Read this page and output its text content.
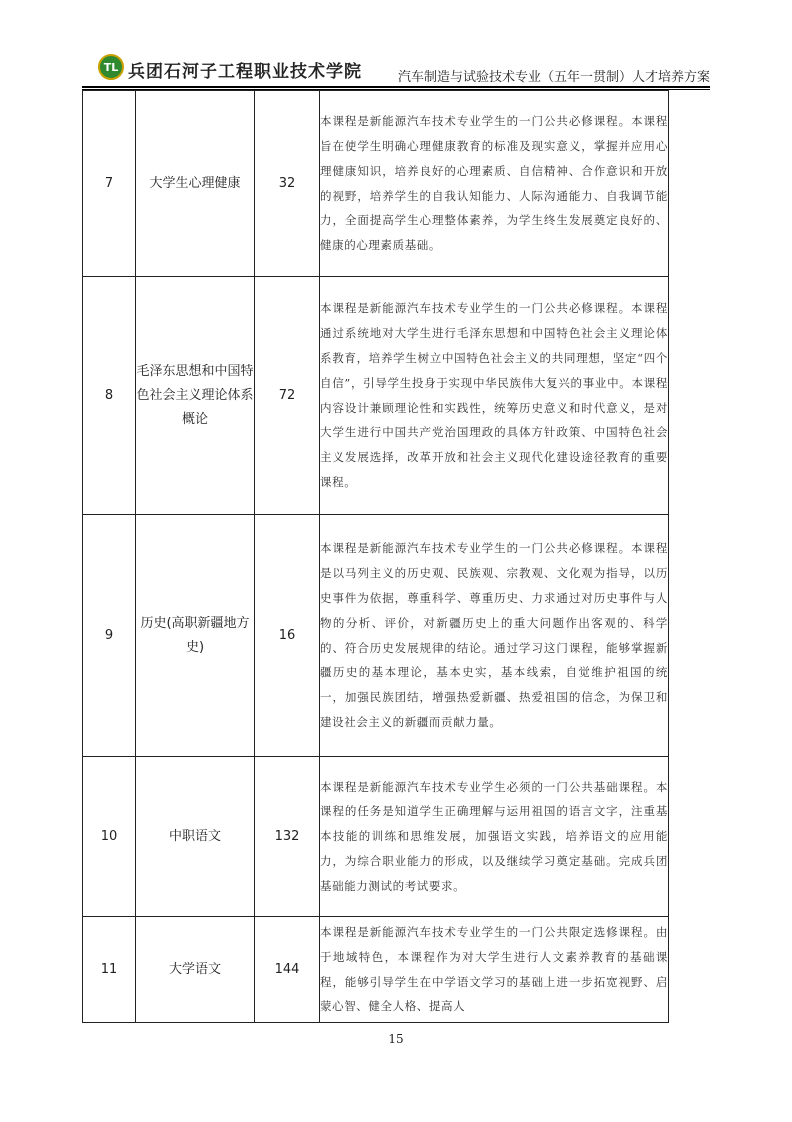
TL 兵团石河子工程职业技术学院	汽车制造与试验技术专业（五年一贯制）人才培养方案
7	大学生心理健康	32	本课程是新能源汽车技术专业学生的一门公共必修课程。本课程旨在使学生明确心理健康教育的标准及现实意义，掌握并应用心理健康知识，培养良好的心理素质、自信精神、合作意识和开放的视野，培养学生的自我认知能力、人际沟通能力、自我调节能力，全面提高学生心理整体素养，为学生终生发展奠定良好的、健康的心理素质基础。
8	毛泽东思想和中国特色社会主义理论体系概论	72	本课程是新能源汽车技术专业学生的一门公共必修课程。本课程通过系统地对大学生进行毛泽东思想和中国特色社会主义理论体系教育，培养学生树立中国特色社会主义的共同理想，坚定“四个自信”，引导学生投身于实现中华民族伟大复兴的事业中。本课程内容设计兼顾理论性和实践性，统筹历史意义和时代意义，是对大学生进行中国共产党治国理政的具体方针政策、中国特色社会主义发展选择，改革开放和社会主义现代化建设途径教育的重要课程。
9	历史(高职新疆地方史)	16	本课程是新能源汽车技术专业学生的一门公共必修课程。本课程是以马列主义的历史观、民族观、宗教观、文化观为指导，以历史事件为依据，尊重科学、尊重历史、力求通过对历史事件与人物的分析、评价，对新疆历史上的重大问题作出客观的、科学的、符合历史发展规律的结论。通过学习这门课程，能够掌握新疆历史的基本理论，基本史实，基本线索，自觉维护祖国的统一，加强民族团结，增强热爱新疆、热爱祖国的信念，为保卫和建设社会主义的新疆而贡献力量。
10	中职语文	132	本课程是新能源汽车技术专业学生必须的一门公共基础课程。本课程的任务是知道学生正确理解与运用祖国的语言文字，注重基本技能的训练和思维发展，加强语文实践，培养语文的应用能力，为综合职业能力的形成，以及继续学习奠定基础。完成兵团基础能力测试的考试要求。
11	大学语文	144	本课程是新能源汽车技术专业学生的一门公共限定选修课程。由于地域特色，本课程作为对大学生进行人文素养教育的基础课程，能够引导学生在中学语文学习的基础上进一步拓宽视野、启蒙心智、健全人格、提高人
15
